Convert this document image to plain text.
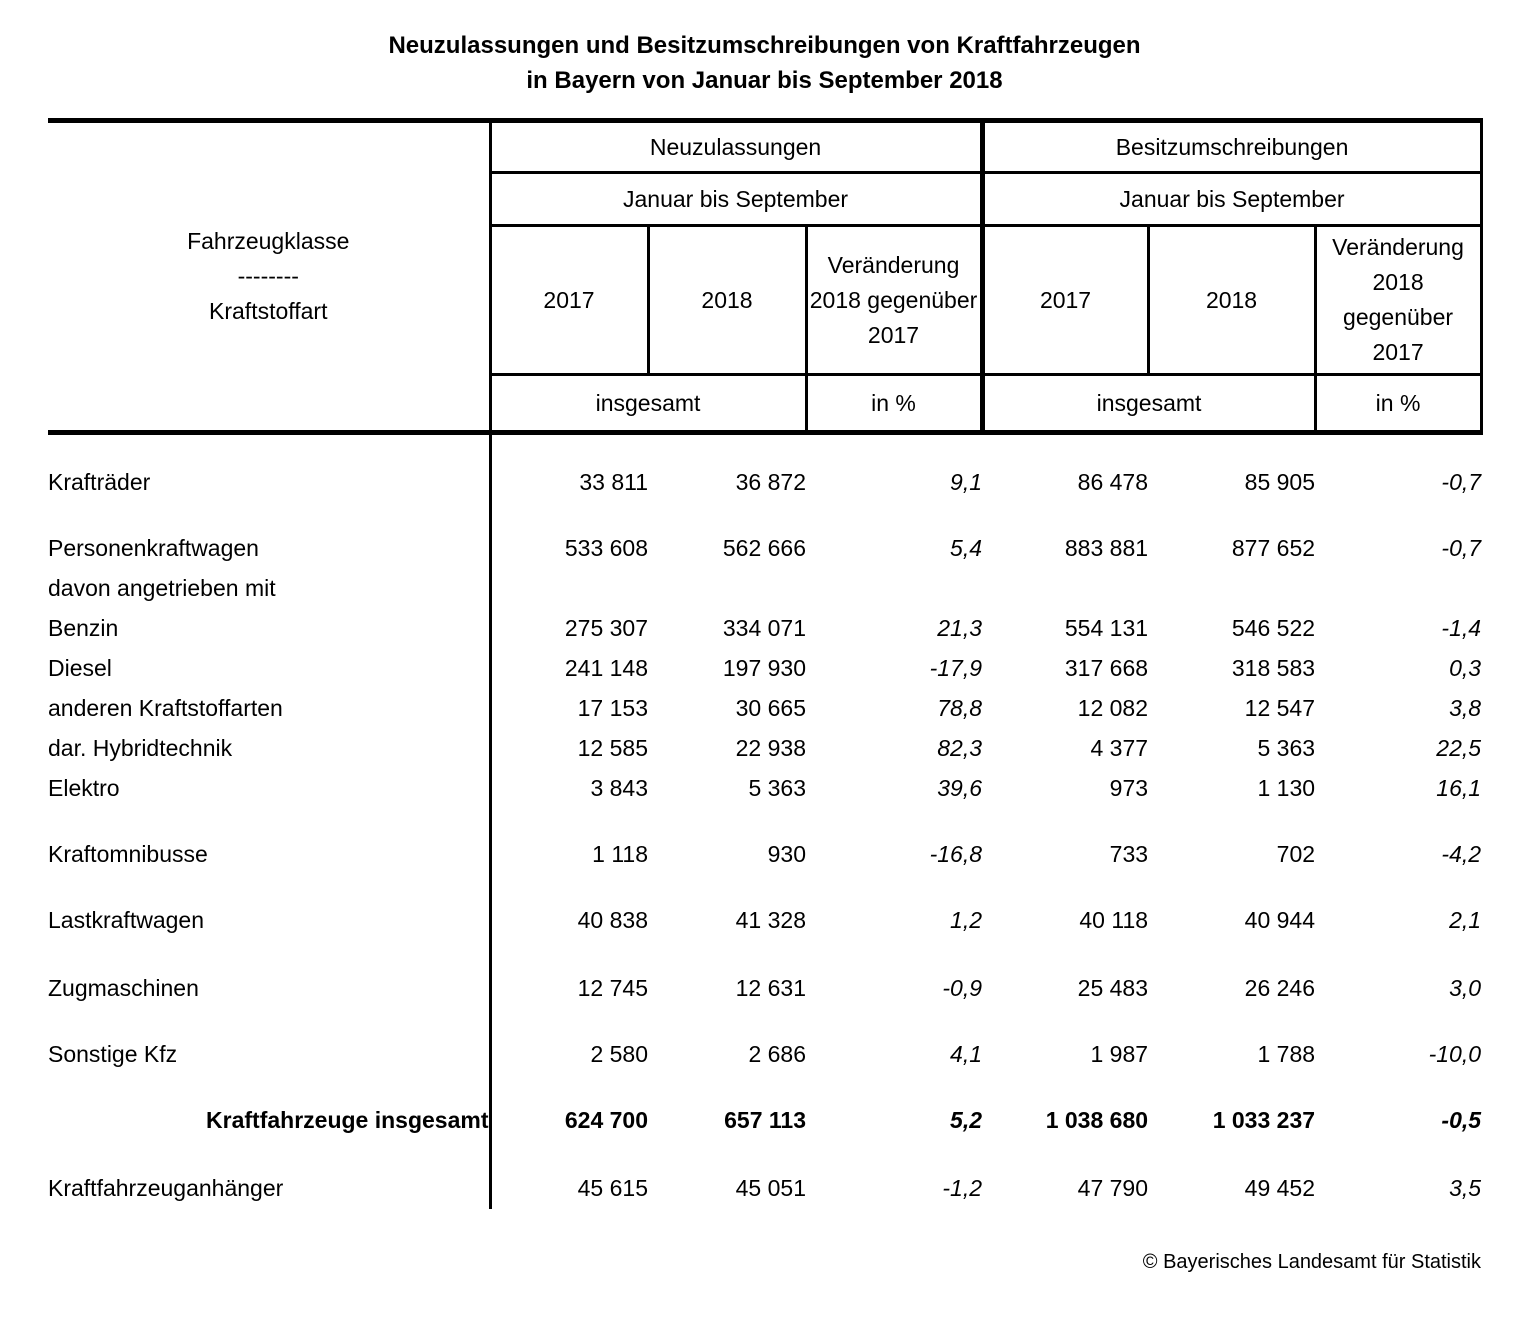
Neuzulassungen und Besitzumschreibungen von Kraftfahrzeugen
in Bayern von Januar bis September 2018
Fahrzeugklasse
--------
Kraftstoffart	Neuzulassungen			Besitzumschreibungen		
	Januar bis September			Januar bis September		
	2017	2018	Veränderung 2018 gegenüber 2017	2017	2018	Veränderung 2018 gegenüber 2017
	insgesamt		in %	insgesamt		in %

Krafträder	33 811	36 872	9,1	86 478	85 905	-0,7

Personenkraftwagen	533 608	562 666	5,4	883 881	877 652	-0,7
davon angetrieben mit						
Benzin	275 307	334 071	21,3	554 131	546 522	-1,4
Diesel	241 148	197 930	-17,9	317 668	318 583	0,3
anderen Kraftstoffarten	17 153	30 665	78,8	12 082	12 547	3,8
dar. Hybridtechnik	12 585	22 938	82,3	4 377	5 363	22,5
Elektro	3 843	5 363	39,6	973	1 130	16,1

Kraftomnibusse	1 118	930	-16,8	733	702	-4,2

Lastkraftwagen	40 838	41 328	1,2	40 118	40 944	2,1

Zugmaschinen	12 745	12 631	-0,9	25 483	26 246	3,0

Sonstige Kfz	2 580	2 686	4,1	1 987	1 788	-10,0

Kraftfahrzeuge insgesamt	624 700	657 113	5,2	1 038 680	1 033 237	-0,5

Kraftfahrzeuganhänger	45 615	45 051	-1,2	47 790	49 452	3,5
© Bayerisches Landesamt für Statistik
